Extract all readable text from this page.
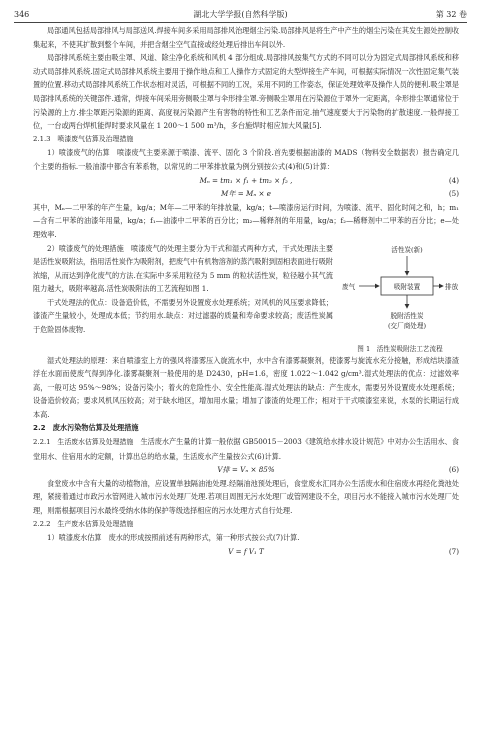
346	湖北大学学报(自然科学版)	第 32 卷

局部通风包括局部排风与局部送风.焊接车间多采用局部排风治理烟尘污染.局部排风是将生产中产生的烟尘污染在其发生源处控制收集起来，不使其扩散到整个车间，并把含烟尘空气直接或经处理后排出车间以外.

局部排风系统主要由吸尘罩、风道、除尘净化系统和风机 4 部分组成.局部排风按集气方式的不同可以分为固定式局部排风系统和移动式局部排风系统.固定式局部排风系统主要用于操作地点和工人操作方式固定的大型焊接生产车间，可根据实际情况一次性固定集气装置的位置.移动式局部排风系统工作状态相对灵活，可根据不同的工况，采用不同的工作姿态，保证处理效率及操作人员的便利.吸尘罩是局部排风系统的关键部件.通常，焊接车间采用旁侧吸尘罩与伞形排尘罩.旁侧吸尘罩用在污染源位于罩外一定距离，伞形排尘罩通常位于污染源的上方.排尘罩距污染源的距离、高度视污染源产生有害物的特性和工艺条件而定.抽气速度要大于污染物的扩散速度.一般焊接工位，一台或两台焊机能焊时要求风量在 1 200～1 500 m³/h，多台施焊时相应加大风量[5].

2.1.3　喷漆废气估算及治理措施

1）喷漆废气的估算　喷漆废气主要来源于喷漆、流平、固化 3 个阶段.首先要根据油漆的 MADS（物料安全数据表）报告确定几个主要的指标.一般油漆中都含有苯系物，以常见的二甲苯排放量为例分别按公式(4)和(5)计算：

Mₙ = tm₁ × f₁ + tm₂ × f₂ ,	(4)
M年 = Mₙ × e	(5)

其中，Mₙ—二甲苯的年产生量，kg/a；M年—二甲苯的年排放量，kg/a；t—喷漆房运行时间，为喷漆、流平、固化时间之和，h；m₁—含有二甲苯的油漆年用量，kg/a；f₁—油漆中二甲苯的百分比；m₂—稀释剂的年用量，kg/a；f₂—稀释剂中二甲苯的百分比；e—处理效率.

2）喷漆废气的处理措施　喷漆废气的处理主要分为干式和湿式两种方式，干式处理法主要是活性炭吸附法，指用活性炭作为吸附剂，把废气中有机物溶剂的蒸汽吸附到固相表面进行吸附浓缩，从而达到净化废气的方法.在实际中多采用粒径为 5 mm 的粒状活性炭，粒径越小其气流阻力越大，吸附率越高.活性炭吸附法的工艺流程如图 1.

干式处理法的优点：设备造价低，不需要另外设置废水处理系统；对风机的风压要求降低；漆渣产生量较小，处理成本低；节约用水.缺点：对过滤器的质量和寿命要求较高；废活性炭属于危险固体废物.

活性炭(新)
吸附装置
废气	排放
脱附活性炭
(交厂商处理)
图 1　活性炭吸附法工艺流程

湿式处理法的原理：来自喷漆室上方的强风将漆雾压入旋流水中，水中含有漆雾凝聚剂，使漆雾与旋流水充分接触，形成结块漆渣浮在水面而使废气得到净化.漆雾凝聚剂一般使用的是 D2430，pH=1.6，密度 1.022～1.042 g/cm³.湿式处理法的优点：过滤效率高，一般可达 95%～98%；设备污染小；着火的危险性小、安全性能高.湿式处理法的缺点：产生废水，需要另外设置废水处理系统；设备造价较高；要求风机风压较高；对于缺水地区，增加用水量；增加了漆渣的处理工作；相对于干式喷漆室来说，水泵的长期运行成本高.

2.2　废水污染物估算及处理措施

2.2.1　生活废水估算及处理措施　 生活废水产生量的计算一般依据 GB50015－2003《建筑给水排水设计规范》中对办公生活用水、食堂用水、住宿用水的定额，计算出总的给水量，生活废水产生量按公式(6)计算.

V排 = Vₙ × 85%	(6)

食堂废水中含有大量的动植物油，应设置单独隔油池处理.经隔油池预处理后，食堂废水汇同办公生活废水和住宿废水再经化粪池处理，紧接着通过市政污水管网进入城市污水处理厂处理.若项目周围无污水处理厂或管网建设不全，项目污水不能接入城市污水处理厂处理，则需根据项目污水最终受纳水体的保护等级选择相应的污水处理方式自行处理.

2.2.2　生产废水估算及处理措施

1）喷漆废水估算　废水的形成按照前述有两种形式，第一种形式按公式(7)计算.

V = f V₁ T	(7)
